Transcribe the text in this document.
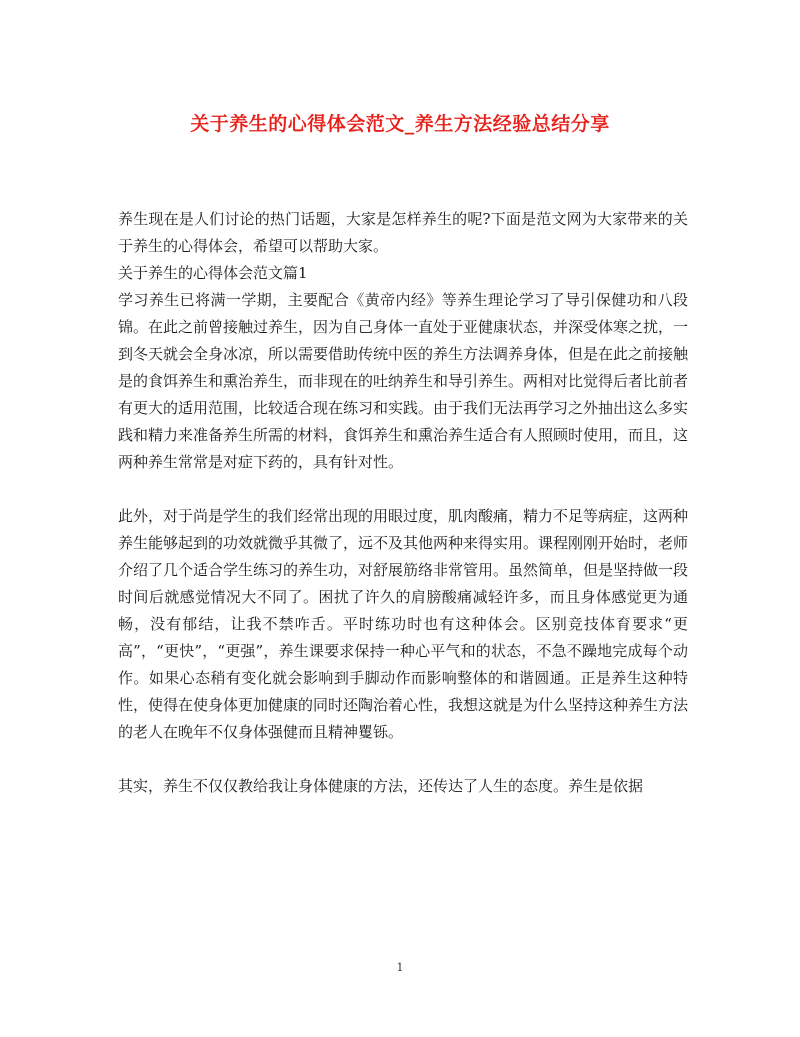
关于养生的心得体会范文_养生方法经验总结分享

养生现在是人们讨论的热门话题，大家是怎样养生的呢?下面是范文网为大家带来的关于养生的心得体会，希望可以帮助大家。

关于养生的心得体会范文篇1

学习养生已将满一学期，主要配合《黄帝内经》等养生理论学习了导引保健功和八段锦。在此之前曾接触过养生，因为自己身体一直处于亚健康状态，并深受体寒之扰，一到冬天就会全身冰凉，所以需要借助传统中医的养生方法调养身体，但是在此之前接触是的食饵养生和熏治养生，而非现在的吐纳养生和导引养生。两相对比觉得后者比前者有更大的适用范围，比较适合现在练习和实践。由于我们无法再学习之外抽出这么多实践和精力来准备养生所需的材料，食饵养生和熏治养生适合有人照顾时使用，而且，这两种养生常常是对症下药的，具有针对性。

此外，对于尚是学生的我们经常出现的用眼过度，肌肉酸痛，精力不足等病症，这两种养生能够起到的功效就微乎其微了，远不及其他两种来得实用。课程刚刚开始时，老师介绍了几个适合学生练习的养生功，对舒展筋络非常管用。虽然简单，但是坚持做一段时间后就感觉情况大不同了。困扰了许久的肩膀酸痛减轻许多，而且身体感觉更为通畅，没有郁结，让我不禁咋舌。平时练功时也有这种体会。区别竞技体育要求“更高”，“更快”，“更强”，养生课要求保持一种心平气和的状态，不急不躁地完成每个动作。如果心态稍有变化就会影响到手脚动作而影响整体的和谐圆通。正是养生这种特性，使得在使身体更加健康的同时还陶治着心性，我想这就是为什么坚持这种养生方法的老人在晚年不仅身体强健而且精神矍铄。

其实，养生不仅仅教给我让身体健康的方法，还传达了人生的态度。养生是依据

1
